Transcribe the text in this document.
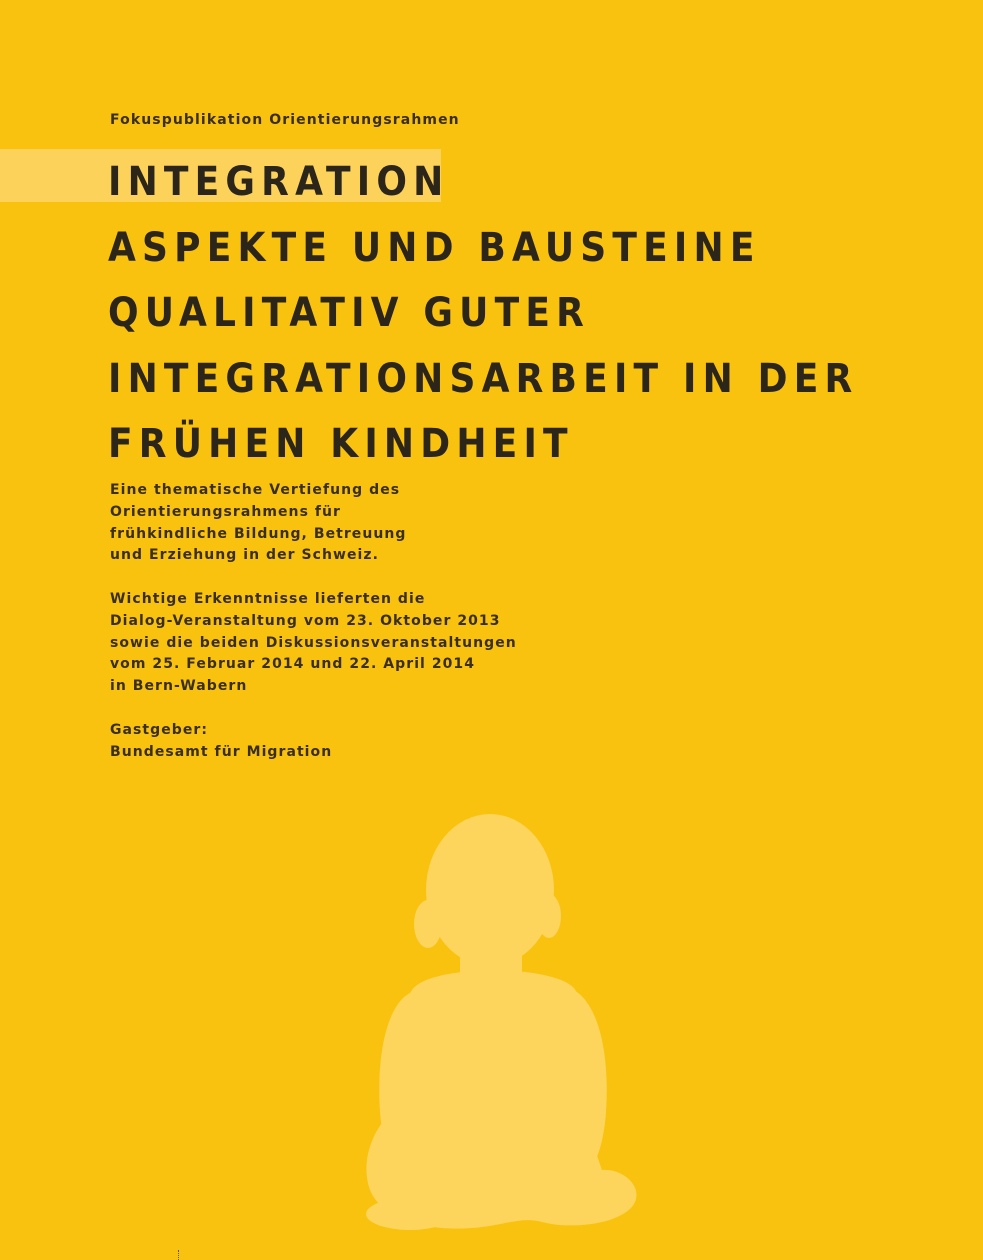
Fokuspublikation Orientierungsrahmen
INTEGRATION
ASPEKTE UND BAUSTEINE
QUALITATIV GUTER
INTEGRATIONSARBEIT IN DER
FRÜHEN KINDHEIT

Eine thematische Vertiefung des
Orientierungsrahmens für
frühkindliche Bildung, Betreuung
und Erziehung in der Schweiz.

Wichtige Erkenntnisse lieferten die
Dialog-Veranstaltung vom 23. Oktober 2013
sowie die beiden Diskussionsveranstaltungen
vom 25. Februar 2014 und 22. April 2014
in Bern-Wabern

Gastgeber:
Bundesamt für Migration
